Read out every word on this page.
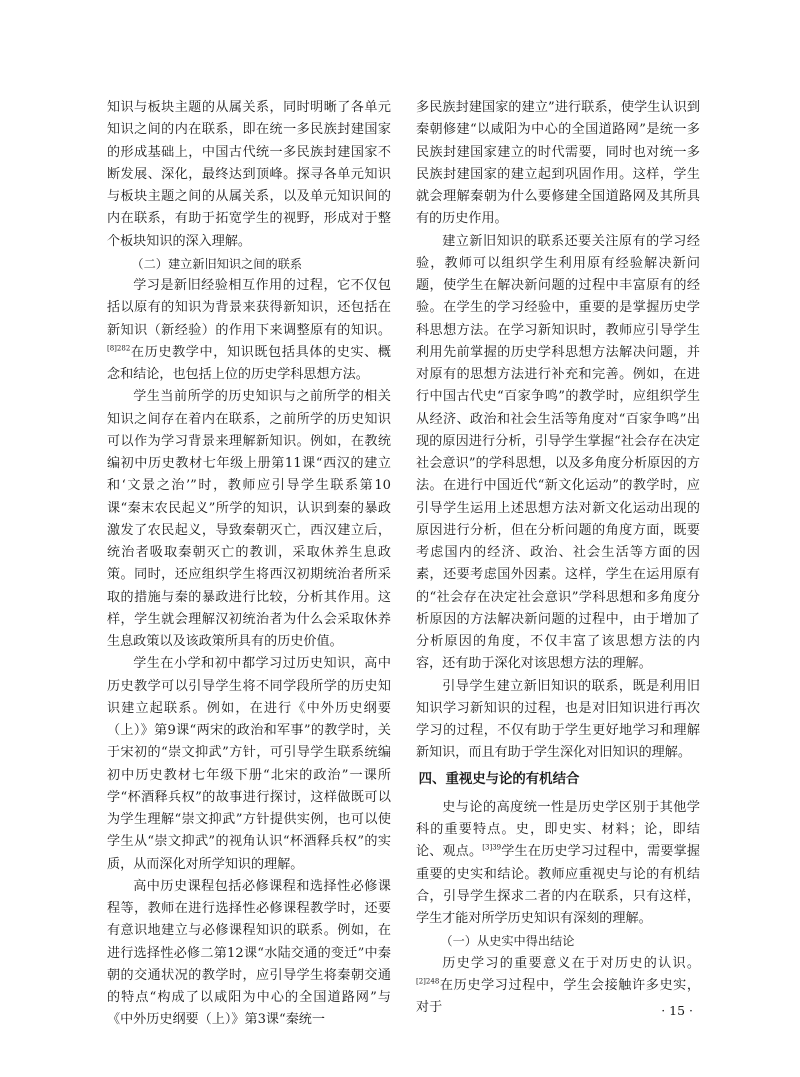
知识与板块主题的从属关系，同时明晰了各单元知识之间的内在联系，即在统一多民族封建国家的形成基础上，中国古代统一多民族封建国家不断发展、深化，最终达到顶峰。探寻各单元知识与板块主题之间的从属关系，以及单元知识间的内在联系，有助于拓宽学生的视野，形成对于整个板块知识的深入理解。

（二）建立新旧知识之间的联系

学习是新旧经验相互作用的过程，它不仅包括以原有的知识为背景来获得新知识，还包括在新知识（新经验）的作用下来调整原有的知识。$^{[8]282}$在历史教学中，知识既包括具体的史实、概念和结论，也包括上位的历史学科思想方法。

学生当前所学的历史知识与之前所学的相关知识之间存在着内在联系，之前所学的历史知识可以作为学习背景来理解新知识。例如，在教统编初中历史教材七年级上册第11课“西汉的建立和‘文景之治’”时，教师应引导学生联系第10课“秦末农民起义”所学的知识，认识到秦的暴政激发了农民起义，导致秦朝灭亡，西汉建立后，统治者吸取秦朝灭亡的教训，采取休养生息政策。同时，还应组织学生将西汉初期统治者所采取的措施与秦的暴政进行比较，分析其作用。这样，学生就会理解汉初统治者为什么会采取休养生息政策以及该政策所具有的历史价值。

学生在小学和初中都学习过历史知识，高中历史教学可以引导学生将不同学段所学的历史知识建立起联系。例如，在进行《中外历史纲要（上）》第9课“两宋的政治和军事”的教学时，关于宋初的“崇文抑武”方针，可引导学生联系统编初中历史教材七年级下册“北宋的政治”一课所学“杯酒释兵权”的故事进行探讨，这样做既可以为学生理解“崇文抑武”方针提供实例，也可以使学生从“崇文抑武”的视角认识“杯酒释兵权”的实质，从而深化对所学知识的理解。

高中历史课程包括必修课程和选择性必修课程等，教师在进行选择性必修课程教学时，还要有意识地建立与必修课程知识的联系。例如，在进行选择性必修二第12课“水陆交通的变迁”中秦朝的交通状况的教学时，应引导学生将秦朝交通的特点“构成了以咸阳为中心的全国道路网”与《中外历史纲要（上）》第3课“秦统一

多民族封建国家的建立”进行联系，使学生认识到秦朝修建“以咸阳为中心的全国道路网”是统一多民族封建国家建立的时代需要，同时也对统一多民族封建国家的建立起到巩固作用。这样，学生就会理解秦朝为什么要修建全国道路网及其所具有的历史作用。

建立新旧知识的联系还要关注原有的学习经验，教师可以组织学生利用原有经验解决新问题，使学生在解决新问题的过程中丰富原有的经验。在学生的学习经验中，重要的是掌握历史学科思想方法。在学习新知识时，教师应引导学生利用先前掌握的历史学科思想方法解决问题，并对原有的思想方法进行补充和完善。例如，在进行中国古代史“百家争鸣”的教学时，应组织学生从经济、政治和社会生活等角度对“百家争鸣”出现的原因进行分析，引导学生掌握“社会存在决定社会意识”的学科思想，以及多角度分析原因的方法。在进行中国近代“新文化运动”的教学时，应引导学生运用上述思想方法对新文化运动出现的原因进行分析，但在分析问题的角度方面，既要考虑国内的经济、政治、社会生活等方面的因素，还要考虑国外因素。这样，学生在运用原有的“社会存在决定社会意识”学科思想和多角度分析原因的方法解决新问题的过程中，由于增加了分析原因的角度，不仅丰富了该思想方法的内容，还有助于深化对该思想方法的理解。

引导学生建立新旧知识的联系，既是利用旧知识学习新知识的过程，也是对旧知识进行再次学习的过程，不仅有助于学生更好地学习和理解新知识，而且有助于学生深化对旧知识的理解。

四、重视史与论的有机结合

史与论的高度统一性是历史学区别于其他学科的重要特点。史，即史实、材料；论，即结论、观点。$^{[3]39}$学生在历史学习过程中，需要掌握重要的史实和结论。教师应重视史与论的有机结合，引导学生探求二者的内在联系，只有这样，学生才能对所学历史知识有深刻的理解。

（一）从史实中得出结论

历史学习的重要意义在于对历史的认识。$^{[2]248}$在历史学习过程中，学生会接触许多史实，对于	· 15 ·
